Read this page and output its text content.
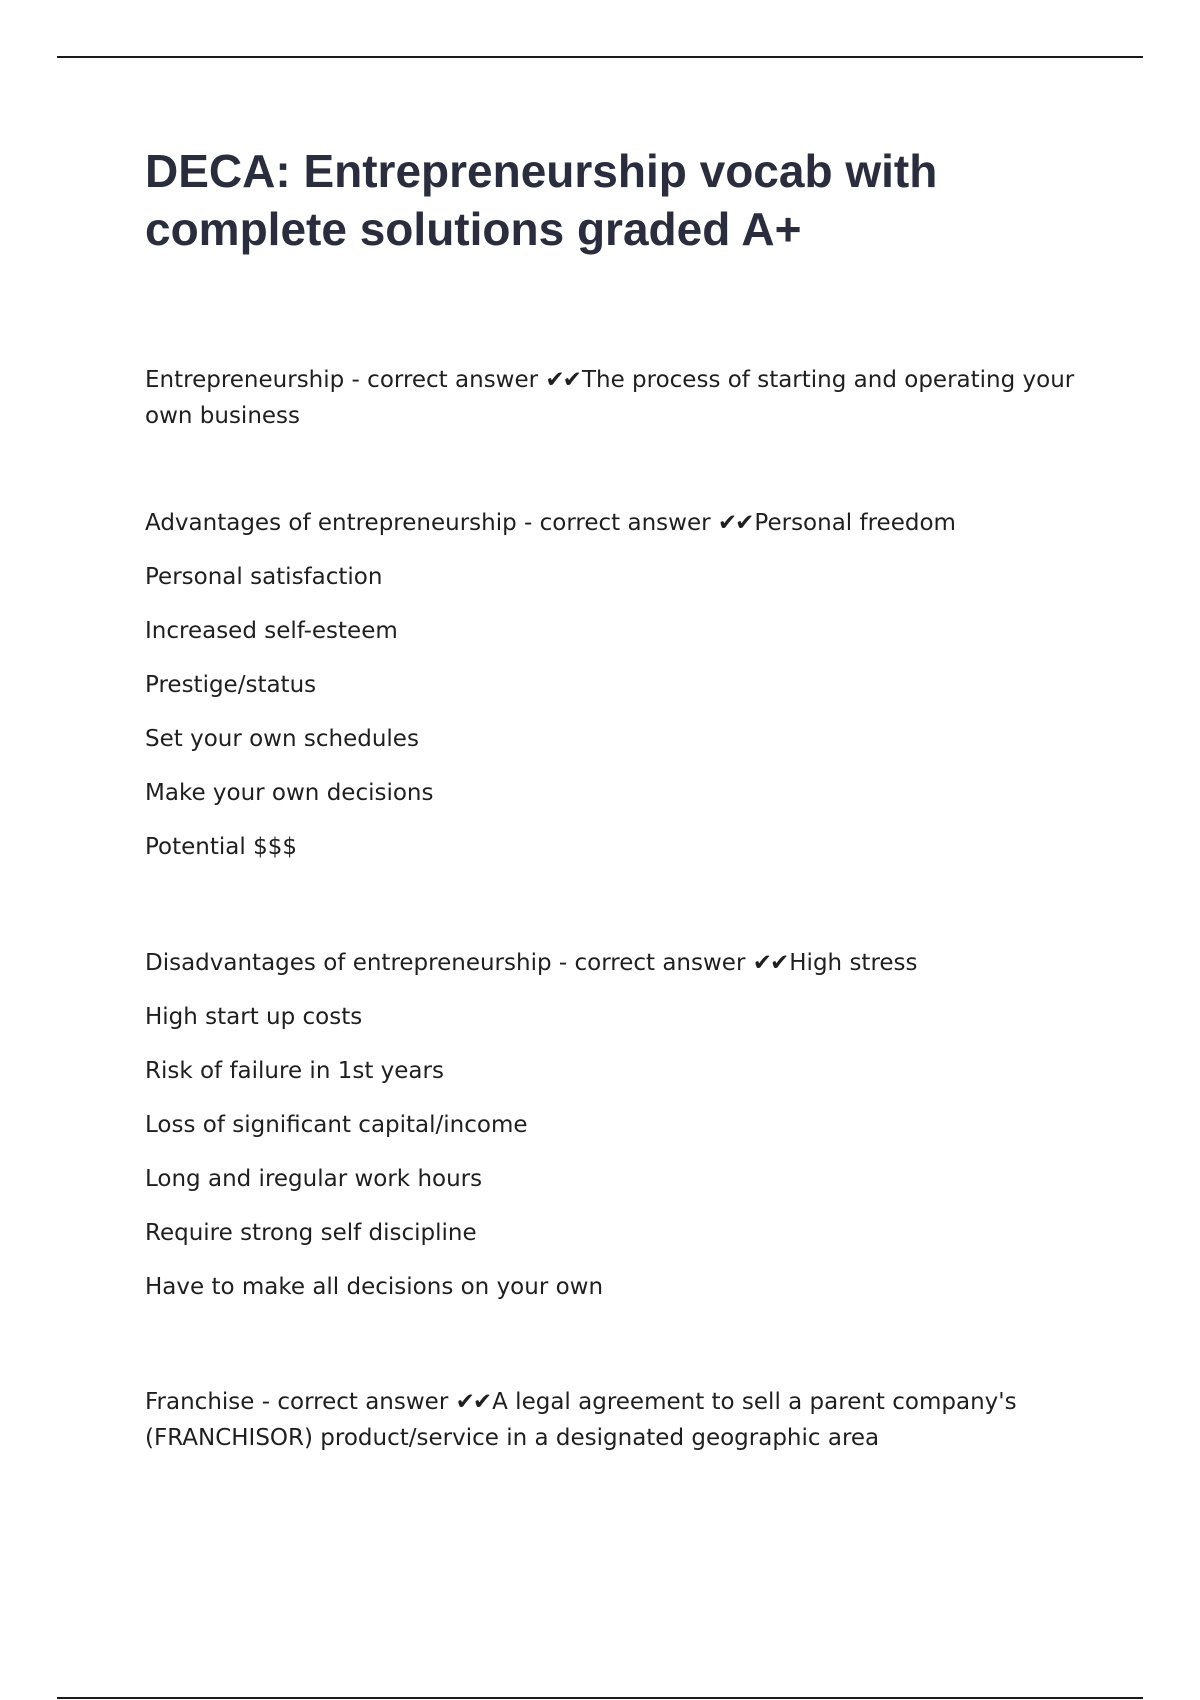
DECA: Entrepreneurship vocab with complete solutions graded A+

Entrepreneurship - correct answer ✔✔The process of starting and operating your own business

Advantages of entrepreneurship - correct answer ✔✔Personal freedom

Personal satisfaction

Increased self-esteem

Prestige/status

Set your own schedules

Make your own decisions

Potential $$$

Disadvantages of entrepreneurship - correct answer ✔✔High stress

High start up costs

Risk of failure in 1st years

Loss of significant capital/income

Long and iregular work hours

Require strong self discipline

Have to make all decisions on your own

Franchise - correct answer ✔✔A legal agreement to sell a parent company's (FRANCHISOR) product/service in a designated geographic area
